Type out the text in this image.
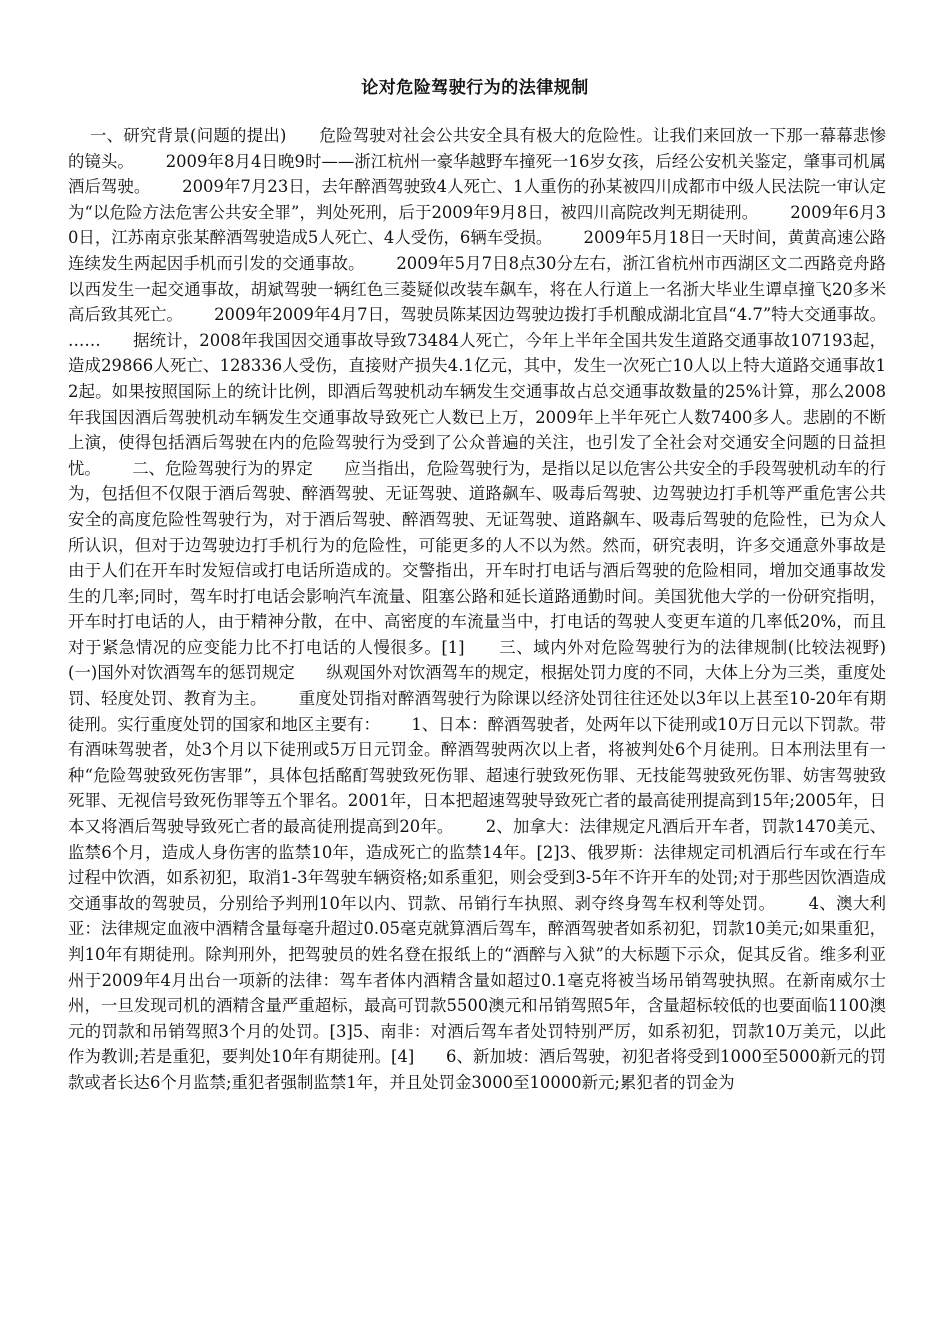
论对危险驾驶行为的法律规制
一、研究背景(问题的提出)      危险驾驶对社会公共安全具有极大的危险性。让我们来回放一下那一幕幕悲惨的镜头。      2009年8月4日晚9时——浙江杭州一豪华越野车撞死一16岁女孩，后经公安机关鉴定，肇事司机属酒后驾驶。      2009年7月23日，去年醉酒驾驶致4人死亡、1人重伤的孙某被四川成都市中级人民法院一审认定为“以危险方法危害公共安全罪”，判处死刑，后于2009年9月8日，被四川高院改判无期徒刑。      2009年6月30日，江苏南京张某醉酒驾驶造成5人死亡、4人受伤，6辆车受损。      2009年5月18日一天时间，黄黄高速公路连续发生两起因手机而引发的交通事故。      2009年5月7日8点30分左右，浙江省杭州市西湖区文二西路竞舟路以西发生一起交通事故，胡斌驾驶一辆红色三菱疑似改装车飙车，将在人行道上一名浙大毕业生谭卓撞飞20多米高后致其死亡。      2009年2009年4月7日，驾驶员陈某因边驾驶边拨打手机酿成湖北宜昌“4.7”特大交通事故。      ……      据统计，2008年我国因交通事故导致73484人死亡，今年上半年全国共发生道路交通事故107193起，造成29866人死亡、128336人受伤，直接财产损失4.1亿元，其中，发生一次死亡10人以上特大道路交通事故12起。如果按照国际上的统计比例，即酒后驾驶机动车辆发生交通事故占总交通事故数量的25%计算，那么2008年我国因酒后驾驶机动车辆发生交通事故导致死亡人数已上万，2009年上半年死亡人数7400多人。悲剧的不断上演，使得包括酒后驾驶在内的危险驾驶行为受到了公众普遍的关注，也引发了全社会对交通安全问题的日益担忧。      二、危险驾驶行为的界定      应当指出，危险驾驶行为，是指以足以危害公共安全的手段驾驶机动车的行为，包括但不仅限于酒后驾驶、醉酒驾驶、无证驾驶、道路飙车、吸毒后驾驶、边驾驶边打手机等严重危害公共安全的高度危险性驾驶行为，对于酒后驾驶、醉酒驾驶、无证驾驶、道路飙车、吸毒后驾驶的危险性，已为众人所认识，但对于边驾驶边打手机行为的危险性，可能更多的人不以为然。然而，研究表明，许多交通意外事故是由于人们在开车时发短信或打电话所造成的。交警指出，开车时打电话与酒后驾驶的危险相同，增加交通事故发生的几率;同时，驾车时打电话会影响汽车流量、阻塞公路和延长道路通勤时间。美国犹他大学的一份研究指明，开车时打电话的人，由于精神分散，在中、高密度的车流量当中，打电话的驾驶人变更车道的几率低20%，而且对于紧急情况的应变能力比不打电话的人慢很多。[1]      三、域内外对危险驾驶行为的法律规制(比较法视野)      (一)国外对饮酒驾车的惩罚规定      纵观国外对饮酒驾车的规定，根据处罚力度的不同，大体上分为三类，重度处罚、轻度处罚、教育为主。      重度处罚指对醉酒驾驶行为除课以经济处罚往往还处以3年以上甚至10-20年有期徒刑。实行重度处罚的国家和地区主要有：      1、日本：醉酒驾驶者，处两年以下徒刑或10万日元以下罚款。带有酒味驾驶者，处3个月以下徒刑或5万日元罚金。醉酒驾驶两次以上者，将被判处6个月徒刑。日本刑法里有一种“危险驾驶致死伤害罪”，具体包括酩酊驾驶致死伤罪、超速行驶致死伤罪、无技能驾驶致死伤罪、妨害驾驶致死罪、无视信号致死伤罪等五个罪名。2001年，日本把超速驾驶导致死亡者的最高徒刑提高到15年;2005年，日本又将酒后驾驶导致死亡者的最高徒刑提高到20年。      2、加拿大：法律规定凡酒后开车者，罚款1470美元、监禁6个月，造成人身伤害的监禁10年，造成死亡的监禁14年。[2]3、俄罗斯：法律规定司机酒后行车或在行车过程中饮酒，如系初犯，取消1-3年驾驶车辆资格;如系重犯，则会受到3-5年不许开车的处罚;对于那些因饮酒造成交通事故的驾驶员，分别给予判刑10年以内、罚款、吊销行车执照、剥夺终身驾车权利等处罚。      4、澳大利亚：法律规定血液中酒精含量每毫升超过0.05毫克就算酒后驾车，醉酒驾驶者如系初犯，罚款10美元;如果重犯，判10年有期徒刑。除判刑外，把驾驶员的姓名登在报纸上的“酒醉与入狱”的大标题下示众，促其反省。维多利亚州于2009年4月出台一项新的法律：驾车者体内酒精含量如超过0.1毫克将被当场吊销驾驶执照。在新南威尔士州，一旦发现司机的酒精含量严重超标，最高可罚款5500澳元和吊销驾照5年，含量超标较低的也要面临1100澳元的罚款和吊销驾照3个月的处罚。[3]5、南非：对酒后驾车者处罚特别严厉，如系初犯，罚款10万美元，以此作为教训;若是重犯，要判处10年有期徒刑。[4]      6、新加坡：酒后驾驶，初犯者将受到1000至5000新元的罚款或者长达6个月监禁;重犯者强制监禁1年，并且处罚金3000至10000新元;累犯者的罚金为
